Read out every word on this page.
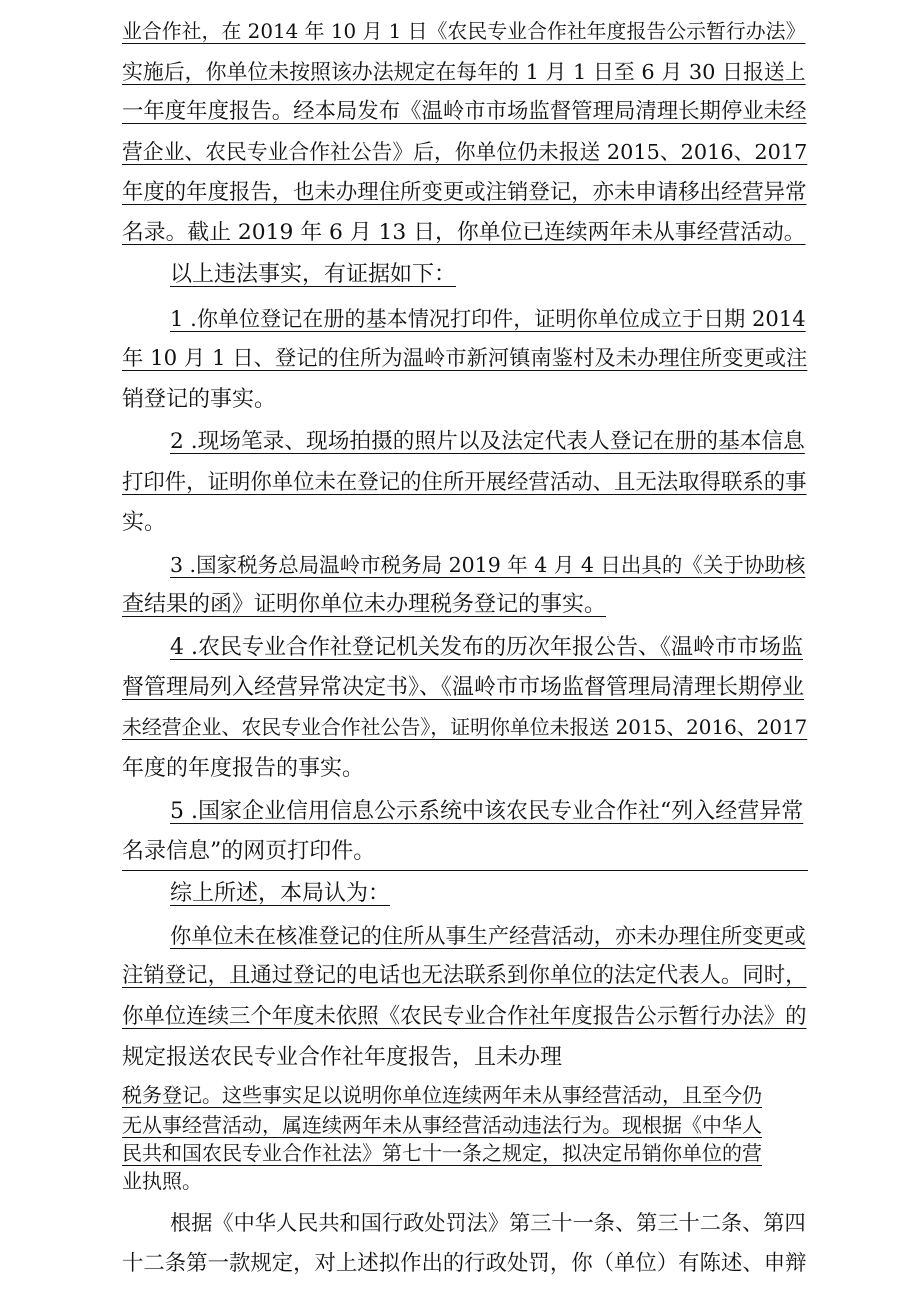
业合作社，在 2014 年 10 月 1 日《农民专业合作社年度报告公示暂行办法》
实施后，你单位未按照该办法规定在每年的 1 月 1 日至 6 月 30 日报送上
一年度年度报告。经本局发布《温岭市市场监督管理局清理长期停业未经
营企业、农民专业合作社公告》后，你单位仍未报送 2015、2016、2017
年度的年度报告，也未办理住所变更或注销登记，亦未申请移出经营异常
名录。截止 2019 年 6 月 13 日，你单位已连续两年未从事经营活动。
以上违法事实，有证据如下：
1 .你单位登记在册的基本情况打印件，证明你单位成立于日期 2014
年 10 月 1 日、登记的住所为温岭市新河镇南鉴村及未办理住所变更或注
销登记的事实。
2 .现场笔录、现场拍摄的照片以及法定代表人登记在册的基本信息
打印件，证明你单位未在登记的住所开展经营活动、且无法取得联系的事
实。
3 .国家税务总局温岭市税务局 2019 年 4 月 4 日出具的《关于协助核
查结果的函》证明你单位未办理税务登记的事实。
4 .农民专业合作社登记机关发布的历次年报公告、《温岭市市场监
督管理局列入经营异常决定书》、《温岭市市场监督管理局清理长期停业
未经营企业、农民专业合作社公告》，证明你单位未报送 2015、2016、2017
年度的年度报告的事实。
5 .国家企业信用信息公示系统中该农民专业合作社“列入经营异常
名录信息”的网页打印件。
综上所述，本局认为：
你单位未在核准登记的住所从事生产经营活动，亦未办理住所变更或
注销登记，且通过登记的电话也无法联系到你单位的法定代表人。同时，
你单位连续三个年度未依照《农民专业合作社年度报告公示暂行办法》的
规定报送农民专业合作社年度报告，且未办理
税务登记。这些事实足以说明你单位连续两年未从事经营活动，且至今仍
无从事经营活动，属连续两年未从事经营活动违法行为。现根据《中华人
民共和国农民专业合作社法》第七十一条之规定，拟决定吊销你单位的营
业执照。
根据《中华人民共和国行政处罚法》第三十一条、第三十二条、第四
十二条第一款规定，对上述拟作出的行政处罚，你（单位）有陈述、申辩
